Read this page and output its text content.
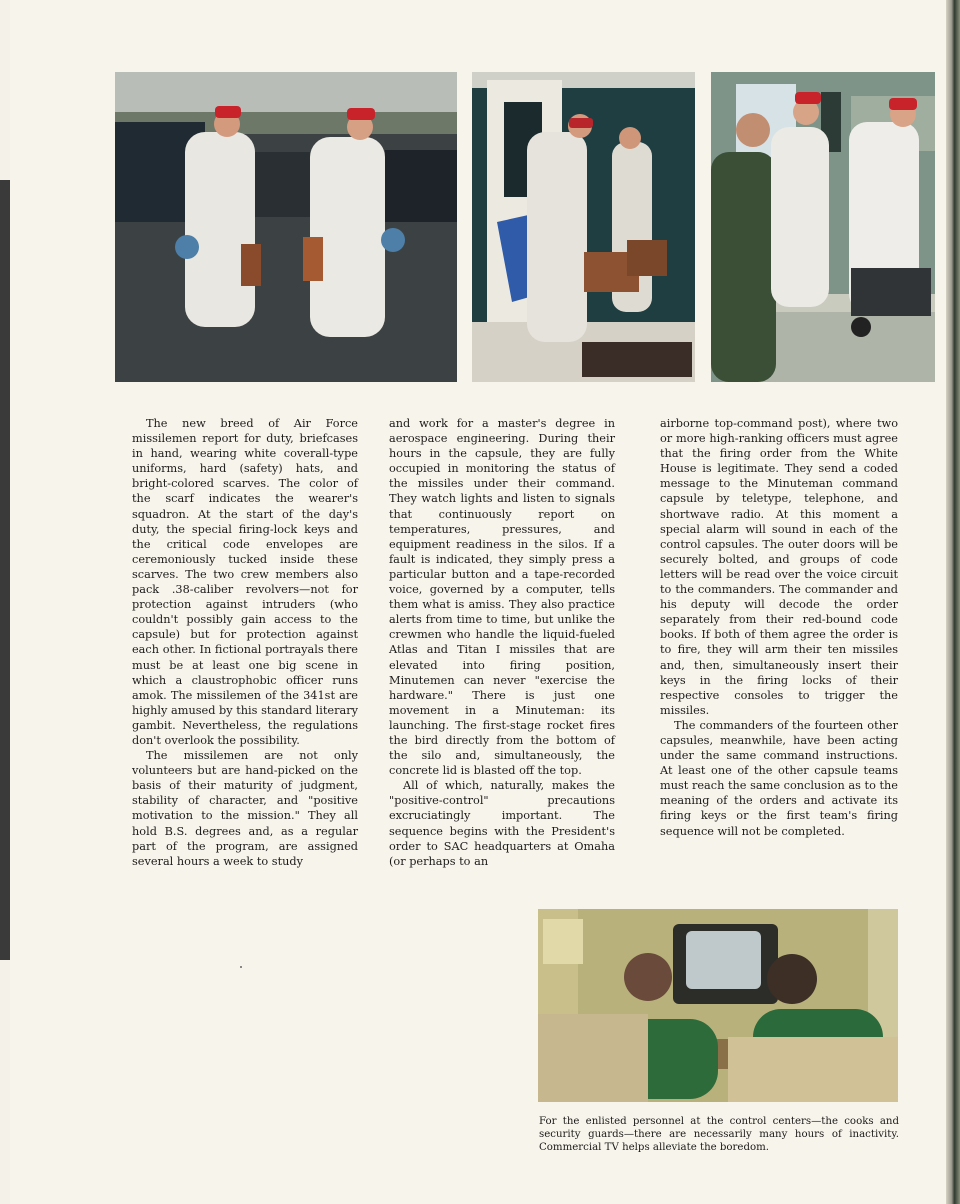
The new breed of Air Force missilemen report for duty, briefcases in hand, wearing white coverall-type uniforms, hard (safety) hats, and bright-colored scarves. The color of the scarf indicates the wearer's squadron. At the start of the day's duty, the special firing-lock keys and the critical code envelopes are ceremoniously tucked inside these scarves. The two crew members also pack .38-caliber revolvers—not for protection against intruders (who couldn't possibly gain access to the capsule) but for protection against each other. In fictional portrayals there must be at least one big scene in which a claustrophobic officer runs amok. The missilemen of the 341st are highly amused by this standard literary gambit. Nevertheless, the regulations don't overlook the possibility.

The missilemen are not only volunteers but are hand-picked on the basis of their maturity of judgment, stability of character, and "positive motivation to the mission." They all hold B.S. degrees and, as a regular part of the program, are assigned several hours a week to study

and work for a master's degree in aerospace engineering. During their hours in the capsule, they are fully occupied in monitoring the status of the missiles under their command. They watch lights and listen to signals that continuously report on temperatures, pressures, and equipment readiness in the silos. If a fault is indicated, they simply press a particular button and a tape-recorded voice, governed by a computer, tells them what is amiss. They also practice alerts from time to time, but unlike the crewmen who handle the liquid-fueled Atlas and Titan I missiles that are elevated into firing position, Minutemen can never "exercise the hardware." There is just one movement in a Minuteman: its launching. The first-stage rocket fires the bird directly from the bottom of the silo and, simultaneously, the concrete lid is blasted off the top.

All of which, naturally, makes the "positive-control" precautions excruciatingly important. The sequence begins with the President's order to SAC headquarters at Omaha (or perhaps to an

airborne top-command post), where two or more high-ranking officers must agree that the firing order from the White House is legitimate. They send a coded message to the Minuteman command capsule by teletype, telephone, and shortwave radio. At this moment a special alarm will sound in each of the control capsules. The outer doors will be securely bolted, and groups of code letters will be read over the voice circuit to the commanders. The commander and his deputy will decode the order separately from their red-bound code books. If both of them agree the order is to fire, they will arm their ten missiles and, then, simultaneously insert their keys in the firing locks of their respective consoles to trigger the missiles.

The commanders of the fourteen other capsules, meanwhile, have been acting under the same command instructions. At least one of the other capsule teams must reach the same conclusion as to the meaning of the orders and activate its firing keys or the first team's firing sequence will not be completed.

For the enlisted personnel at the control centers—the cooks and security guards—there are necessarily many hours of inactivity. Commercial TV helps alleviate the boredom.
